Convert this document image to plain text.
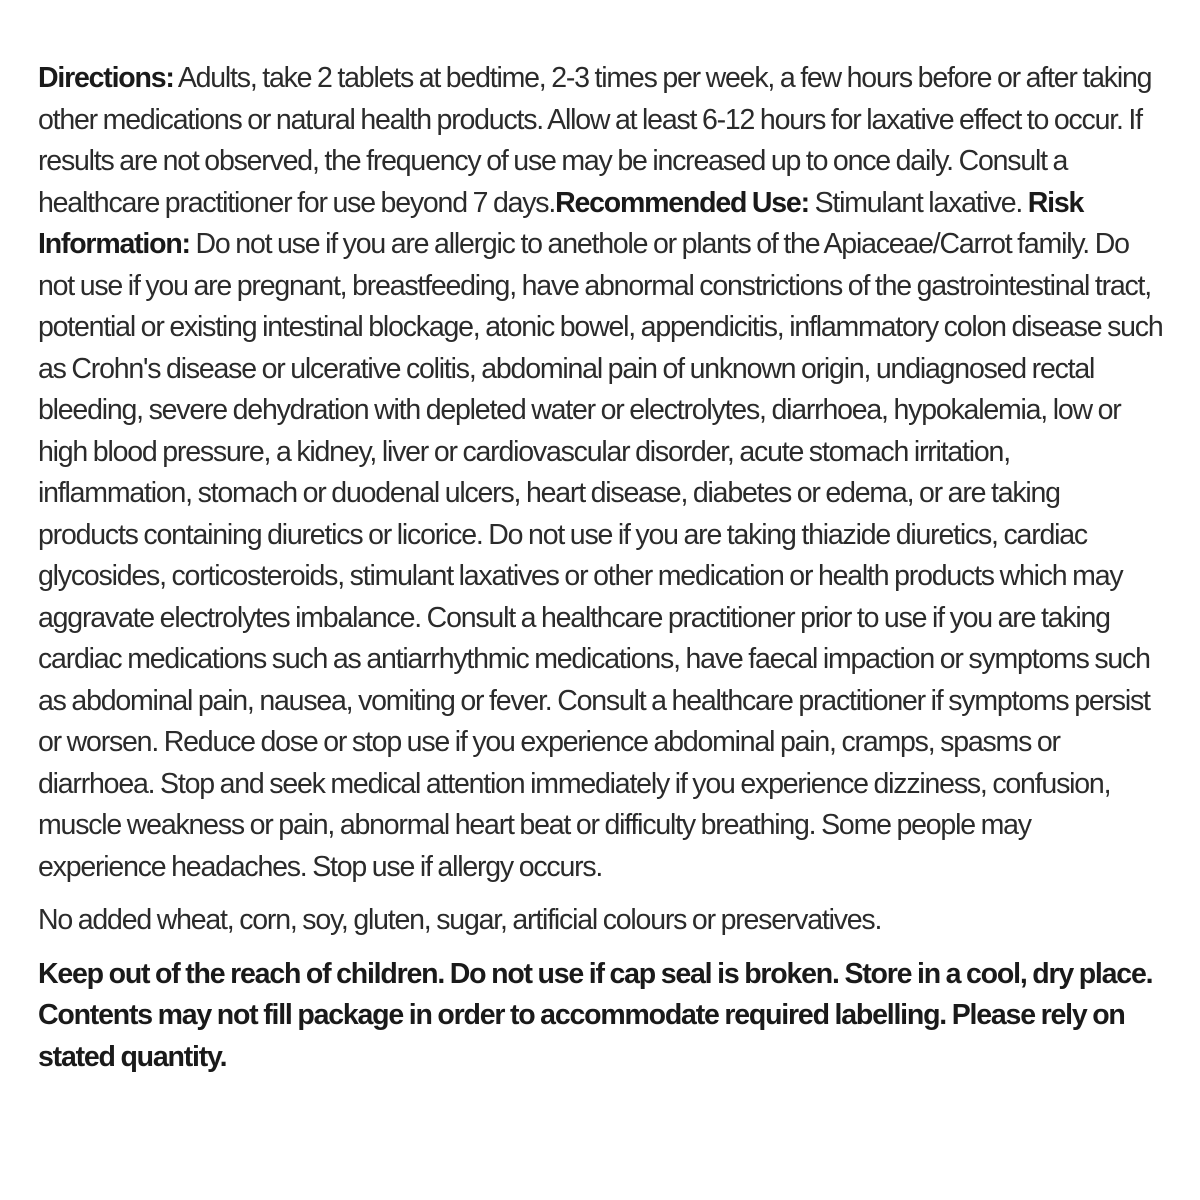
Directions: Adults, take 2 tablets at bedtime, 2-3 times per week, a few hours before or after taking other medications or natural health products. Allow at least 6-12 hours for laxative effect to occur. If results are not observed, the frequency of use may be increased up to once daily. Consult a healthcare practitioner for use beyond 7 days.Recommended Use: Stimulant laxative. Risk Information: Do not use if you are allergic to anethole or plants of the Apiaceae/Carrot family. Do not use if you are pregnant, breastfeeding, have abnormal constrictions of the gastrointestinal tract, potential or existing intestinal blockage, atonic bowel, appendicitis, inflammatory colon disease such as Crohn's disease or ulcerative colitis, abdominal pain of unknown origin, undiagnosed rectal bleeding, severe dehydration with depleted water or electrolytes, diarrhoea, hypokalemia, low or high blood pressure, a kidney, liver or cardiovascular disorder, acute stomach irritation, inflammation, stomach or duodenal ulcers, heart disease, diabetes or edema, or are taking products containing diuretics or licorice. Do not use if you are taking thiazide diuretics, cardiac glycosides, corticosteroids, stimulant laxatives or other medication or health products which may aggravate electrolytes imbalance. Consult a healthcare practitioner prior to use if you are taking cardiac medications such as antiarrhythmic medications, have faecal impaction or symptoms such as abdominal pain, nausea, vomiting or fever. Consult a healthcare practitioner if symptoms persist or worsen. Reduce dose or stop use if you experience abdominal pain, cramps, spasms or diarrhoea. Stop and seek medical attention immediately if you experience dizziness, confusion, muscle weakness or pain, abnormal heart beat or difficulty breathing. Some people may experience headaches. Stop use if allergy occurs.

No added wheat, corn, soy, gluten, sugar, artificial colours or preservatives.

Keep out of the reach of children. Do not use if cap seal is broken. Store in a cool, dry place. Contents may not fill package in order to accommodate required labelling. Please rely on stated quantity.
